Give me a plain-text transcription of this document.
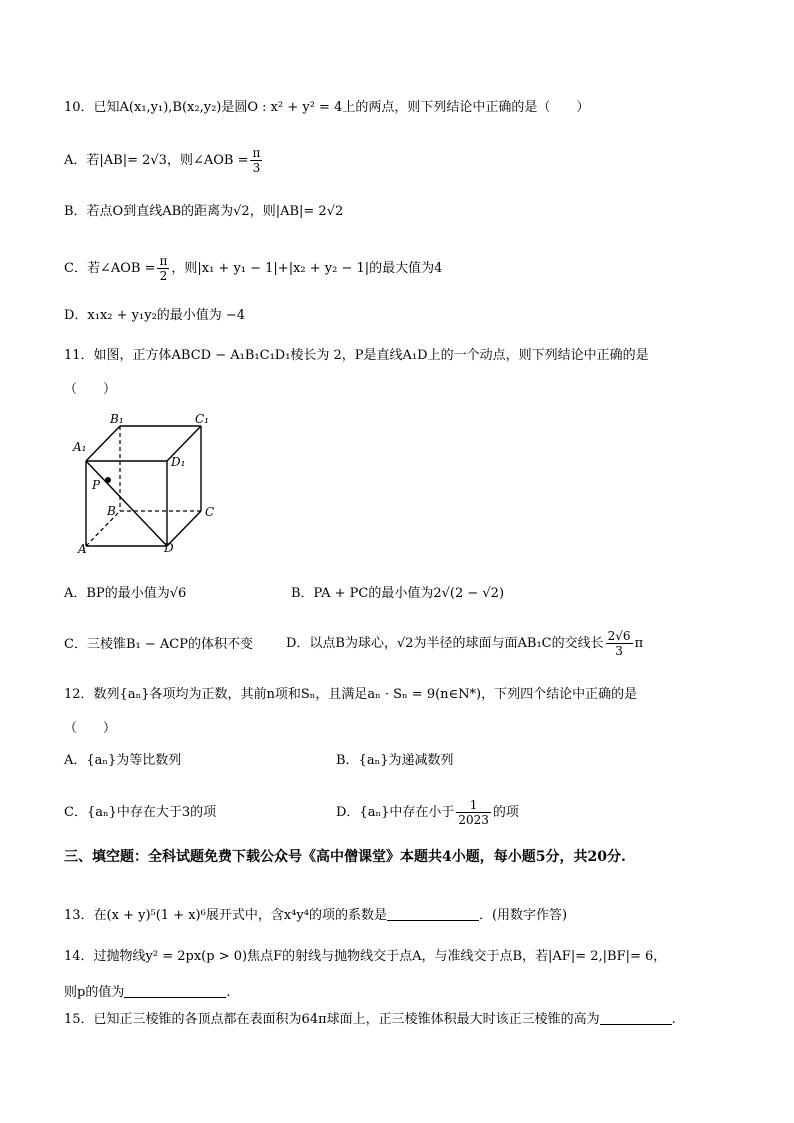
10．已知A(x₁,y₁),B(x₂,y₂)是圆O : x² + y² = 4上的两点，则下列结论中正确的是（　　）
A．若|AB|= 2√3，则∠AOB = $\frac{\pi}{3}$
B．若点O到直线AB的距离为√2，则|AB|= 2√2
C．若∠AOB = $\frac{\pi}{2}$ ，则|x₁ + y₁ − 1|+|x₂ + y₂ − 1|的最大值为4
D．x₁x₂ + y₁y₂的最小值为 −4
11．如图，正方体ABCD − A₁B₁C₁D₁棱长为 2，P是直线A₁D上的一个动点，则下列结论中正确的是
（　　）
B₁	C₁
A₁
D₁
P
B	C
A	D
A．BP的最小值为√6	B．PA + PC的最小值为2√(2 − √2)
C．三棱锥B₁ − ACP的体积不变	D．以点B为球心，√2为半径的球面与面AB₁C的交线长 $\frac{2√6}{3}$ π
12．数列{aₙ}各项均为正数，其前n项和Sₙ，且满足aₙ · Sₙ = 9(n∈N*)，下列四个结论中正确的是
（　　）
A．{aₙ}为等比数列	B．{aₙ}为递减数列
C．{aₙ}中存在大于3的项	D．{aₙ}中存在小于 $\frac{1}{2023}$ 的项
三、填空题：全科试题免费下载公众号《高中僧课堂》本题共4小题，每小题5分，共20分.
13．在(x + y)⁵(1 + x)⁶展开式中，含x⁴y⁴的项的系数是	．(用数字作答)
14．过抛物线y² = 2px(p > 0)焦点F的射线与抛物线交于点A，与准线交于点B，若|AF|= 2,|BF|= 6，
则p的值为	.
15．已知正三棱锥的各顶点都在表面积为64π球面上，正三棱锥体积最大时该正三棱锥的高为	.
